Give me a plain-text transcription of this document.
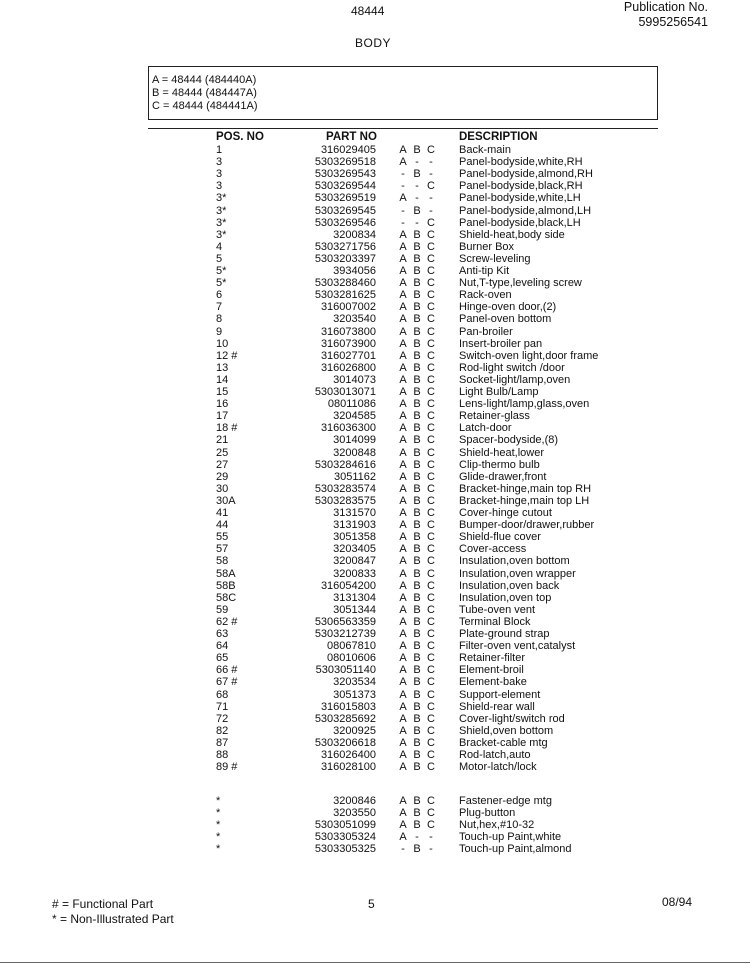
48444	Publication No.
5995256541
BODY
A = 48444 (484440A)
B = 48444 (484447A)
C = 48444 (484441A)
POS. NO	PART NO	DESCRIPTION
1	316029405	A B C	Back-main
3	5303269518	A - -	Panel-bodyside,white,RH
3	5303269543	- B -	Panel-bodyside,almond,RH
3	5303269544	- - C	Panel-bodyside,black,RH
3*	5303269519	A - -	Panel-bodyside,white,LH
3*	5303269545	- B -	Panel-bodyside,almond,LH
3*	5303269546	- - C	Panel-bodyside,black,LH
3*	3200834	A B C	Shield-heat,body side
4	5303271756	A B C	Burner Box
5	5303203397	A B C	Screw-leveling
5*	3934056	A B C	Anti-tip Kit
5*	5303288460	A B C	Nut,T-type,leveling screw
6	5303281625	A B C	Rack-oven
7	316007002	A B C	Hinge-oven door,(2)
8	3203540	A B C	Panel-oven bottom
9	316073800	A B C	Pan-broiler
10	316073900	A B C	Insert-broiler pan
12 #	316027701	A B C	Switch-oven light,door frame
13	316026800	A B C	Rod-light switch /door
14	3014073	A B C	Socket-light/lamp,oven
15	5303013071	A B C	Light Bulb/Lamp
16	08011086	A B C	Lens-light/lamp,glass,oven
17	3204585	A B C	Retainer-glass
18 #	316036300	A B C	Latch-door
21	3014099	A B C	Spacer-bodyside,(8)
25	3200848	A B C	Shield-heat,lower
27	5303284616	A B C	Clip-thermo bulb
29	3051162	A B C	Glide-drawer,front
30	5303283574	A B C	Bracket-hinge,main top RH
30A	5303283575	A B C	Bracket-hinge,main top LH
41	3131570	A B C	Cover-hinge cutout
44	3131903	A B C	Bumper-door/drawer,rubber
55	3051358	A B C	Shield-flue cover
57	3203405	A B C	Cover-access
58	3200847	A B C	Insulation,oven bottom
58A	3200833	A B C	Insulation,oven wrapper
58B	316054200	A B C	Insulation,oven back
58C	3131304	A B C	Insulation,oven top
59	3051344	A B C	Tube-oven vent
62 #	5306563359	A B C	Terminal Block
63	5303212739	A B C	Plate-ground strap
64	08067810	A B C	Filter-oven vent,catalyst
65	08010606	A B C	Retainer-filter
66 #	5303051140	A B C	Element-broil
67 #	3203534	A B C	Element-bake
68	3051373	A B C	Support-element
71	316015803	A B C	Shield-rear wall
72	5303285692	A B C	Cover-light/switch rod
82	3200925	A B C	Shield,oven bottom
87	5303206618	A B C	Bracket-cable mtg
88	316026400	A B C	Rod-latch,auto
89 #	316028100	A B C	Motor-latch/lock
*	3200846	A B C	Fastener-edge mtg
*	3203550	A B C	Plug-button
*	5303051099	A B C	Nut,hex,#10-32
*	5303305324	A - -	Touch-up Paint,white
*	5303305325	- B -	Touch-up Paint,almond
# = Functional Part
* = Non-Illustrated Part
5	08/94
